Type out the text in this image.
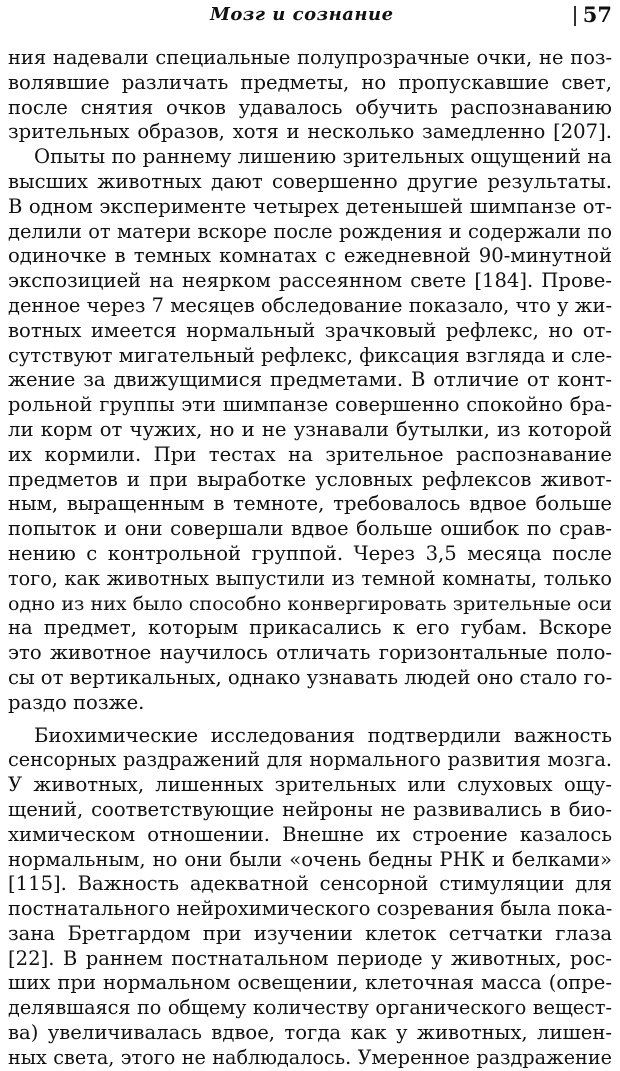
Мозг и сознание	57
ния надевали специальные полупрозрачные очки, не поз-
волявшие различать предметы, но пропускавшие свет,
после снятия очков удавалось обучить распознаванию
зрительных образов, хотя и несколько замедленно [207].
Опыты по раннему лишению зрительных ощущений на
высших животных дают совершенно другие результаты.
В одном эксперименте четырех детенышей шимпанзе от-
делили от матери вскоре после рождения и содержали по
одиночке в темных комнатах с ежедневной 90-минутной
экспозицией на неярком рассеянном свете [184]. Прове-
денное через 7 месяцев обследование показало, что у жи-
вотных имеется нормальный зрачковый рефлекс, но от-
сутствуют мигательный рефлекс, фиксация взгляда и сле-
жение за движущимися предметами. В отличие от конт-
рольной группы эти шимпанзе совершенно спокойно бра-
ли корм от чужих, но и не узнавали бутылки, из которой
их кормили. При тестах на зрительное распознавание
предметов и при выработке условных рефлексов живот-
ным, выращенным в темноте, требовалось вдвое больше
попыток и они совершали вдвое больше ошибок по срав-
нению с контрольной группой. Через 3,5 месяца после
того, как животных выпустили из темной комнаты, только
одно из них было способно конвергировать зрительные оси
на предмет, которым прикасались к его губам. Вскоре
это животное научилось отличать горизонтальные поло-
сы от вертикальных, однако узнавать людей оно стало го-
раздо позже.
Биохимические исследования подтвердили важность
сенсорных раздражений для нормального развития мозга.
У животных, лишенных зрительных или слуховых ощу-
щений, соответствующие нейроны не развивались в био-
химическом отношении. Внешне их строение казалось
нормальным, но они были «очень бедны РНК и белками»
[115]. Важность адекватной сенсорной стимуляции для
постнатального нейрохимического созревания была пока-
зана Бретгардом при изучении клеток сетчатки глаза
[22]. В раннем постнатальном периоде у животных, рос-
ших при нормальном освещении, клеточная масса (опре-
делявшаяся по общему количеству органического вещест-
ва) увеличивалась вдвое, тогда как у животных, лишен-
ных света, этого не наблюдалось. Умеренное раздражение
